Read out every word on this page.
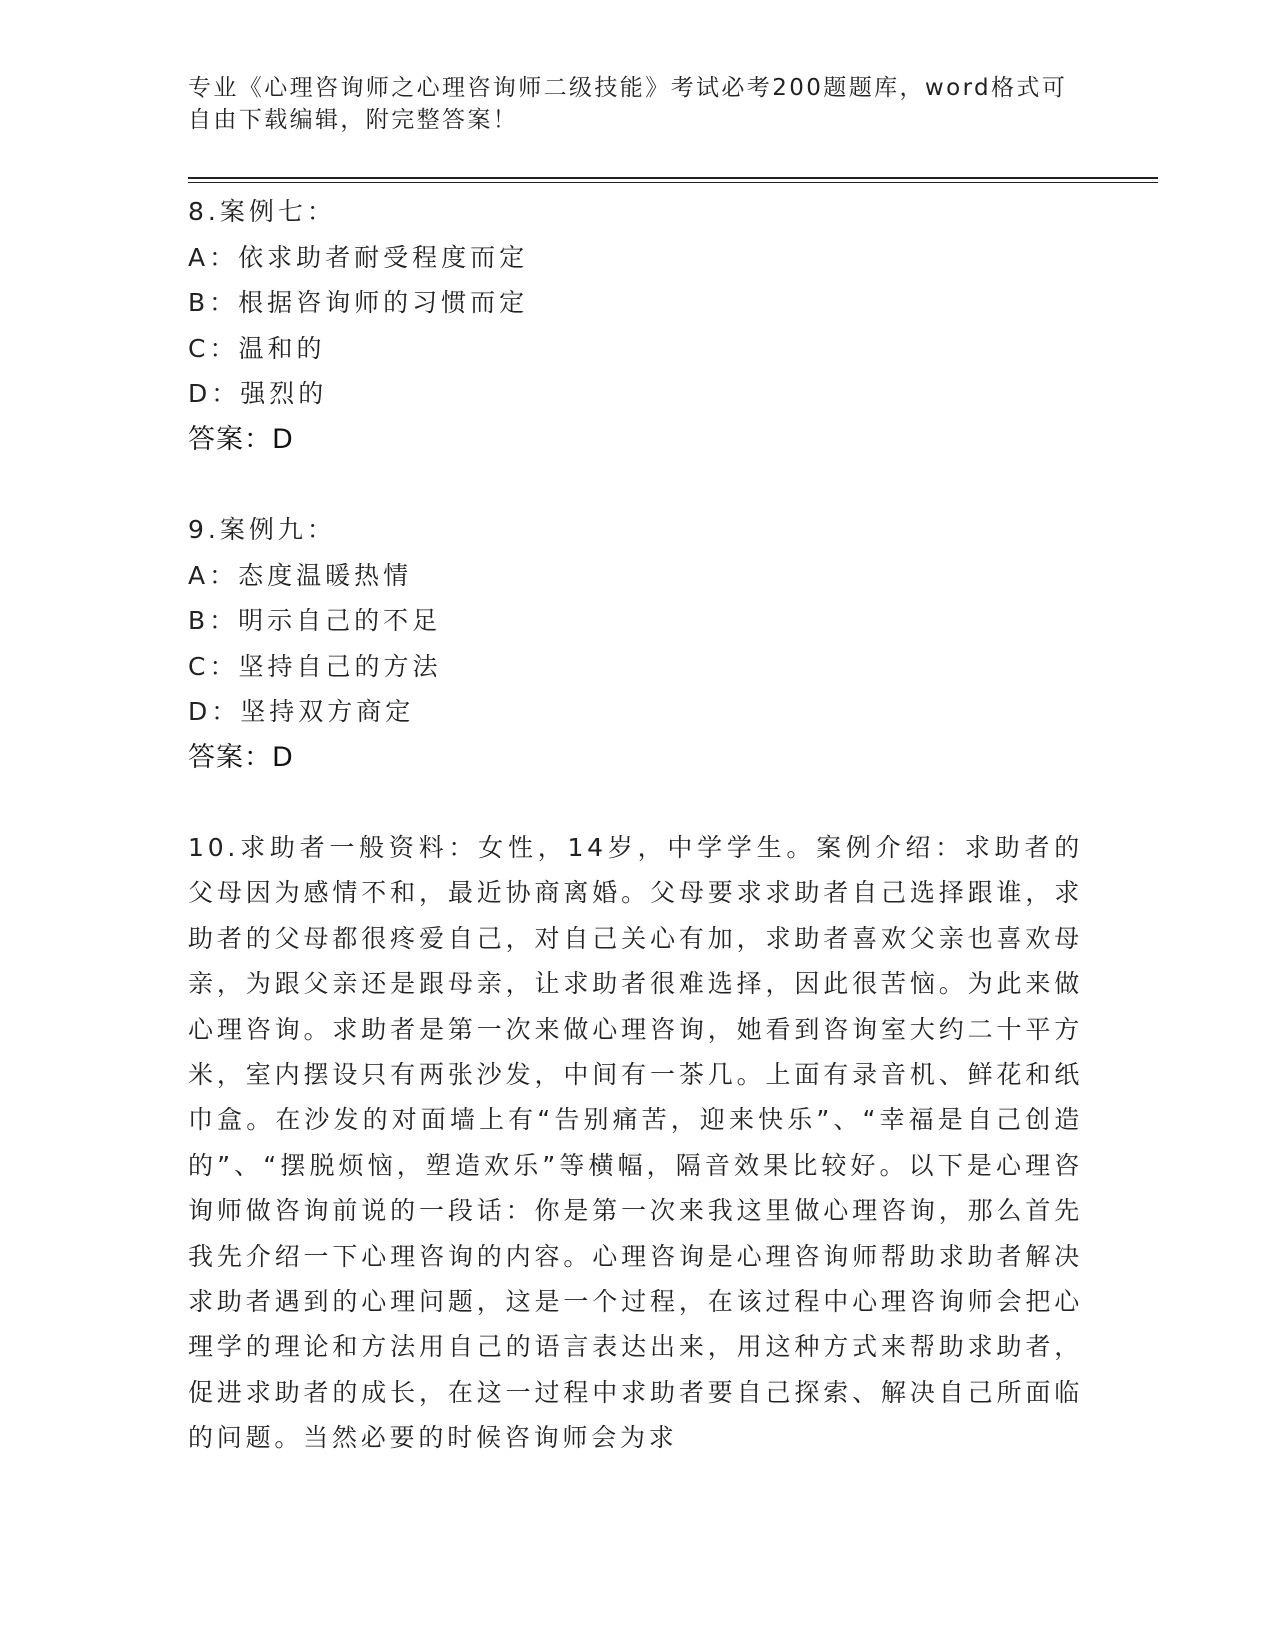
专业《心理咨询师之心理咨询师二级技能》考试必考200题题库，word格式可自由下载编辑，附完整答案！
8.案例七：
A：依求助者耐受程度而定
B：根据咨询师的习惯而定
C：温和的
D：强烈的
答案：D
9.案例九：
A：态度温暖热情
B：明示自己的不足
C：坚持自己的方法
D：坚持双方商定
答案：D
10.求助者一般资料：女性，14岁，中学学生。案例介绍：求助者的父母因为感情不和，最近协商离婚。父母要求求助者自己选择跟谁，求助者的父母都很疼爱自己，对自己关心有加，求助者喜欢父亲也喜欢母亲，为跟父亲还是跟母亲，让求助者很难选择，因此很苦恼。为此来做心理咨询。求助者是第一次来做心理咨询，她看到咨询室大约二十平方米，室内摆设只有两张沙发，中间有一茶几。上面有录音机、鲜花和纸巾盒。在沙发的对面墙上有“告别痛苦，迎来快乐”、“幸福是自己创造的”、“摆脱烦恼，塑造欢乐”等横幅，隔音效果比较好。以下是心理咨询师做咨询前说的一段话：你是第一次来我这里做心理咨询，那么首先我先介绍一下心理咨询的内容。心理咨询是心理咨询师帮助求助者解决求助者遇到的心理问题，这是一个过程，在该过程中心理咨询师会把心理学的理论和方法用自己的语言表达出来，用这种方式来帮助求助者，促进求助者的成长，在这一过程中求助者要自己探索、解决自己所面临的问题。当然必要的时候咨询师会为求
